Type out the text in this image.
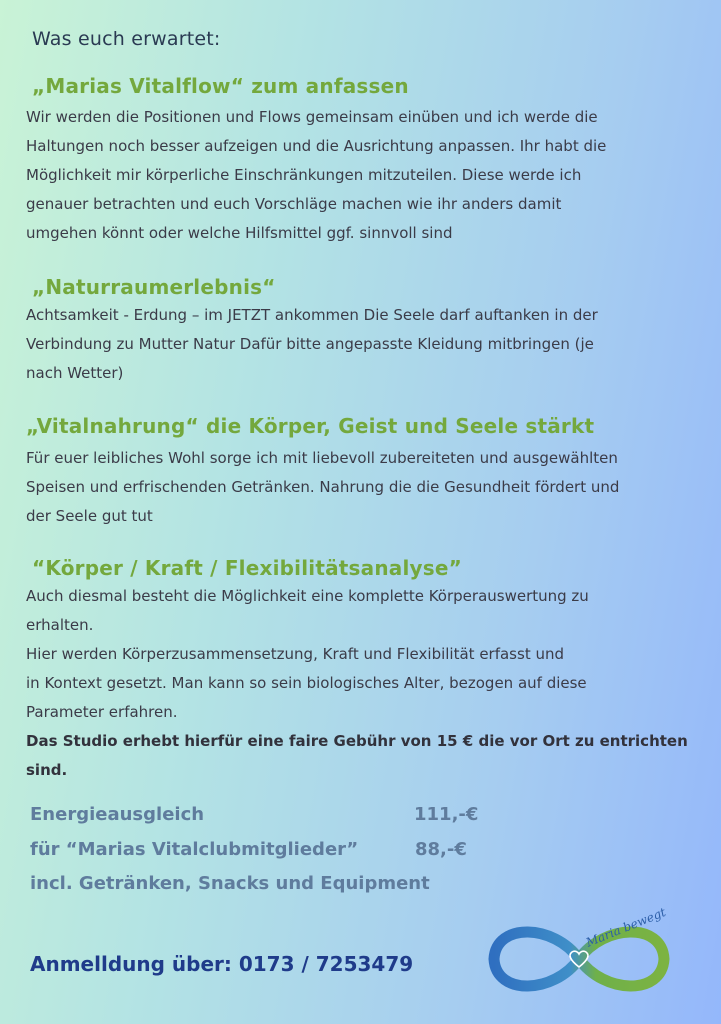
Was euch erwartet:
„Marias Vitalflow“ zum anfassen

Wir werden die Positionen und Flows gemeinsam einüben und ich werde die

Haltungen noch besser aufzeigen und die Ausrichtung anpassen. Ihr habt die

Möglichkeit mir körperliche Einschränkungen mitzuteilen. Diese werde ich

genauer betrachten und euch Vorschläge machen wie ihr anders damit

umgehen könnt oder welche Hilfsmittel ggf. sinnvoll sind

„Naturraumerlebnis“

Achtsamkeit - Erdung – im JETZT ankommen Die Seele darf auftanken in der

Verbindung zu Mutter Natur Dafür bitte angepasste Kleidung mitbringen (je

nach Wetter)

„Vitalnahrung“ die Körper, Geist und Seele stärkt

Für euer leibliches Wohl sorge ich mit liebevoll zubereiteten und ausgewählten

Speisen und erfrischenden Getränken. Nahrung die die Gesundheit fördert und

der Seele gut tut

“Körper / Kraft / Flexibilitätsanalyse”

Auch diesmal besteht die Möglichkeit eine komplette Körperauswertung zu

erhalten.

Hier werden Körperzusammensetzung, Kraft und Flexibilität erfasst und

in Kontext gesetzt. Man kann so sein biologisches Alter, bezogen auf diese

Parameter erfahren.

Das Studio erhebt hierfür eine faire Gebühr von 15 € die vor Ort zu entrichten

sind.

Energieausgleich	111,-€
für “Marias Vitalclubmitglieder”	88,-€
incl. Getränken, Snacks und Equipment
Anmelldung über: 0173 / 7253479
Maria bewegt
